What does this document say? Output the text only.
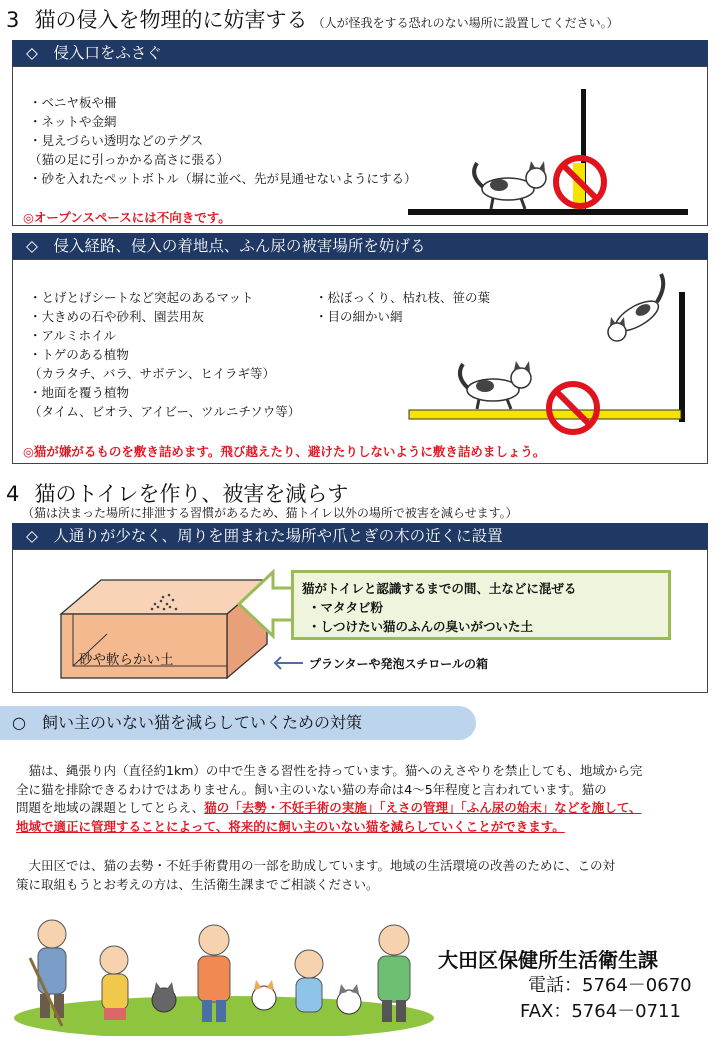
3 猫の侵入を物理的に妨害する （人が怪我をする恐れのない場所に設置してください。）
◇　侵入口をふさぐ
・ベニヤ板や柵
・ネットや金網
・見えづらい透明などのテグス
（猫の足に引っかかる高さに張る）
・砂を入れたペットボトル（塀に並べ、先が見通せないようにする）
◎オープンスペースには不向きです。
◇　侵入経路、侵入の着地点、ふん尿の被害場所を妨げる
・とげとげシートなど突起のあるマット
・大きめの石や砂利、園芸用灰
・アルミホイル
・トゲのある植物
（カラタチ、バラ、サボテン、ヒイラギ等）
・地面を覆う植物
（タイム、ビオラ、アイビー、ツルニチソウ等）
・松ぼっくり、枯れ枝、笹の葉
・目の細かい網
◎猫が嫌がるものを敷き詰めます。飛び越えたり、避けたりしないように敷き詰めましょう。
4 猫のトイレを作り、被害を減らす
（猫は決まった場所に排泄する習慣があるため、猫トイレ以外の場所で被害を減らせます。）
◇　人通りが少なく、周りを囲まれた場所や爪とぎの木の近くに設置
砂や軟らかい土
猫がトイレと認識するまでの間、土などに混ぜる
・マタタビ粉
・しつけたい猫のふんの臭いがついた土
プランターや発泡スチロールの箱
○　飼い主のいない猫を減らしていくための対策
　猫は、縄張り内（直径約1km）の中で生きる習性を持っています。猫へのえさやりを禁止しても、地域から完
全に猫を排除できるわけではありません。飼い主のいない猫の寿命は4～5年程度と言われています。猫の
問題を地域の課題としてとらえ、猫の「去勢・不妊手術の実施」「えさの管理」「ふん尿の始末」などを施して、
地域で適正に管理することによって、将来的に飼い主のいない猫を減らしていくことができます。
　大田区では、猫の去勢・不妊手術費用の一部を助成しています。地域の生活環境の改善のために、この対
策に取組もうとお考えの方は、生活衛生課までご相談ください。
大田区保健所生活衛生課
電話：5764－0670
FAX：5764－0711
